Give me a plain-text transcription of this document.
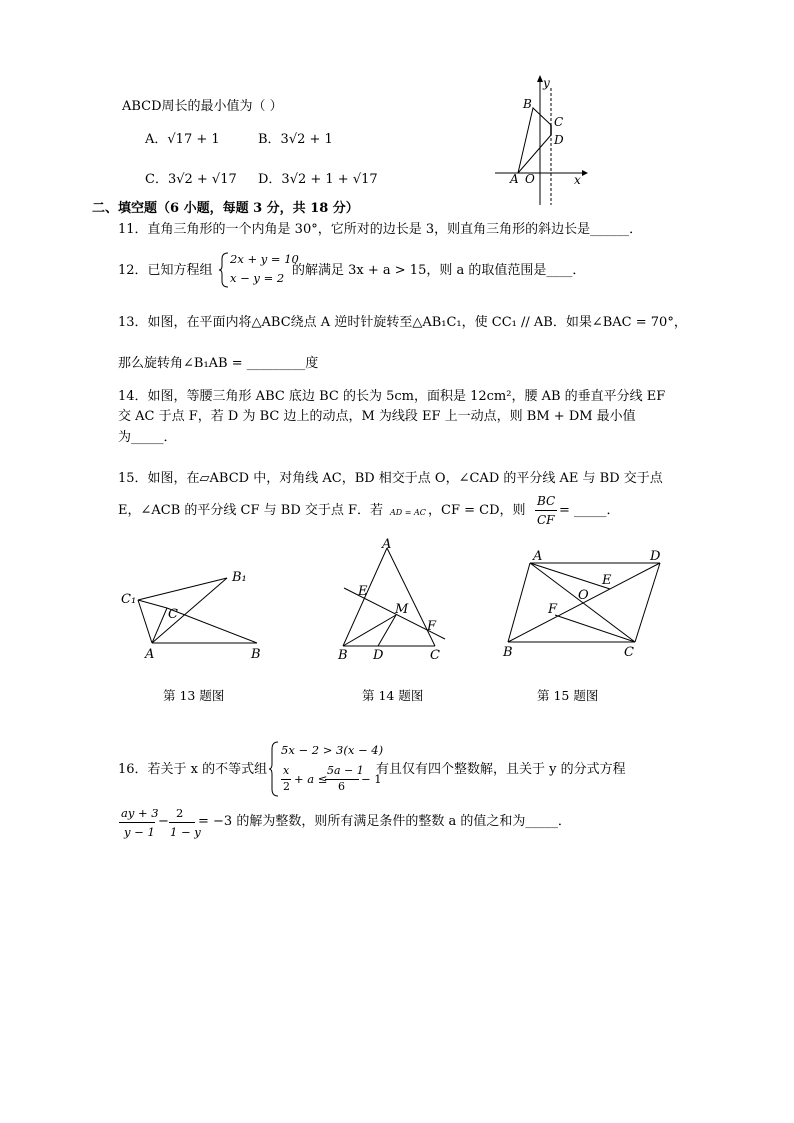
ABCD周长的最小值为（ ）
A．√17 + 1	B．3√2 + 1
C．3√2 + √17 D．3√2 + 1 + √17
y
x
O
A
B
C
D
二、填空题（6 小题，每题 3 分，共 18 分）
11．直角三角形的一个内角是 30°，它所对的边长是 3，则直角三角形的斜边长是______．
12．已知方程组
2x + y = 10
x − y = 2 的解满足 3x + a > 15，则 a 的取值范围是____．
13．如图，在平面内将△ABC绕点 A 逆时针旋转至△AB₁C₁，使 CC₁ // AB．如果∠BAC = 70°，
那么旋转角∠B₁AB = _________度
14．如图，等腰三角形 ABC 底边 BC 的长为 5cm，面积是 12cm²，腰 AB 的垂直平分线 EF
交 AC 于点 F，若 D 为 BC 边上的动点，M 为线段 EF 上一动点，则 BM + DM 最小值
为_____．
15．如图，在▱ABCD 中，对角线 AC，BD 相交于点 O，∠CAD 的平分线 AE 与 BD 交于点
E，∠ACB 的平分线 CF 与 BD 交于点 F．若 AD = AC ，CF = CD，则
BC
CF
= _____．
C₁
B₁
C
A	B
A
E
M
F
B D	C
A	D
E
O
F
B	C
第 13 题图	第 14 题图	第 15 题图
16．若关于 x 的不等式组
5x − 2 > 3(x − 4)
x
2
+ a ≤
5a − 1
6
− 1
有且仅有四个整数解，且关于 y 的分式方程
ay + 3
y − 1
−
2
1 − y
= −3 的解为整数，则所有满足条件的整数 a 的值之和为_____．
